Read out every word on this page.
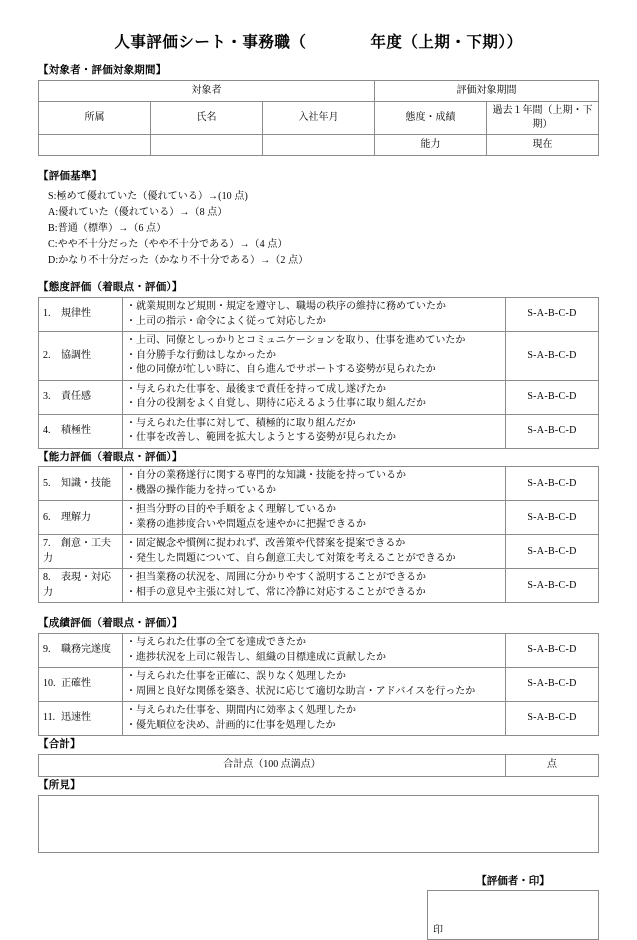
人事評価シート・事務職（　　　　年度（上期・下期））
【対象者・評価対象期間】
対象者			評価対象期間	
所属	氏名	入社年月	態度・成績	過去１年間（上期・下期）
			能力	現在
【評価基準】
S:極めて優れていた（優れている）→(10 点)
A:優れていた（優れている）→（8 点）
B:普通（標準）→（6 点）
C:やや不十分だった（やや不十分である）→（4 点）
D:かなり不十分だった（かなり不十分である）→（2 点）
【態度評価（着眼点・評価）】
1. 規律性	・就業規則など規則・規定を遵守し、職場の秩序の維持に務めていたか
・上司の指示・命令によく従って対応したか	S-A-B-C-D
2. 協調性	・上司、同僚としっかりとコミュニケーションを取り、仕事を進めていたか
・自分勝手な行動はしなかったか
・他の同僚が忙しい時に、自ら進んでサポートする姿勢が見られたか	S-A-B-C-D
3. 責任感	・与えられた仕事を、最後まで責任を持って成し遂げたか
・自分の役割をよく自覚し、期待に応えるよう仕事に取り組んだか	S-A-B-C-D
4. 積極性	・与えられた仕事に対して、積極的に取り組んだか
・仕事を改善し、範囲を拡大しようとする姿勢が見られたか	S-A-B-C-D
【能力評価（着眼点・評価）】
5. 知識・技能	・自分の業務遂行に関する専門的な知識・技能を持っているか
・機器の操作能力を持っているか	S-A-B-C-D
6. 理解力	・担当分野の目的や手順をよく理解しているか
・業務の進捗度合いや問題点を速やかに把握できるか	S-A-B-C-D
7. 創意・工夫力	・固定観念や慣例に捉われず、改善策や代替案を提案できるか
・発生した問題について、自ら創意工夫して対策を考えることができるか	S-A-B-C-D
8. 表現・対応力	・担当業務の状況を、周囲に分かりやすく説明することができるか
・相手の意見や主張に対して、常に冷静に対応することができるか	S-A-B-C-D
【成績評価（着眼点・評価）】
9. 職務完遂度	・与えられた仕事の全てを達成できたか
・進捗状況を上司に報告し、組織の目標達成に貢献したか	S-A-B-C-D
10. 正確性	・与えられた仕事を正確に、誤りなく処理したか
・周囲と良好な関係を築き、状況に応じて適切な助言・アドバイスを行ったか	S-A-B-C-D
11. 迅速性	・与えられた仕事を、期間内に効率よく処理したか
・優先順位を決め、計画的に仕事を処理したか	S-A-B-C-D
【合計】
合計点（100 点満点）	点
【所見】
【評価者・印】
印
